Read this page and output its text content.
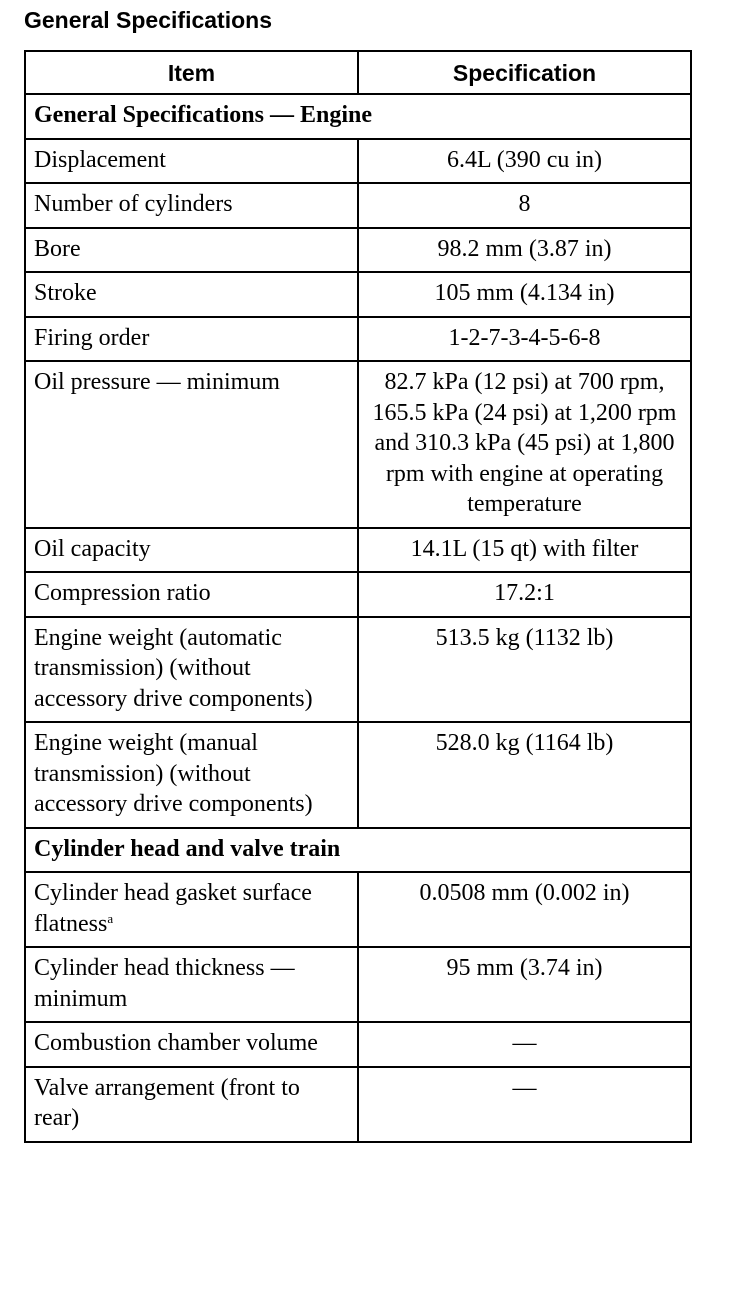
General Specifications
Item	Specification
General Specifications — Engine	
Displacement	6.4L (390 cu in)
Number of cylinders	8
Bore	98.2 mm (3.87 in)
Stroke	105 mm (4.134 in)
Firing order	1-2-7-3-4-5-6-8
Oil pressure — minimum	82.7 kPa (12 psi) at 700 rpm, 165.5 kPa (24 psi) at 1,200 rpm and 310.3 kPa (45 psi) at 1,800 rpm with engine at operating temperature
Oil capacity	14.1L (15 qt) with filter
Compression ratio	17.2:1
Engine weight (automatic transmission) (without accessory drive components)	513.5 kg (1132 lb)
Engine weight (manual transmission) (without accessory drive components)	528.0 kg (1164 lb)
Cylinder head and valve train	
Cylinder head gasket surface flatness$^a$	0.0508 mm (0.002 in)
Cylinder head thickness — minimum	95 mm (3.74 in)
Combustion chamber volume	—
Valve arrangement (front to rear)	—
